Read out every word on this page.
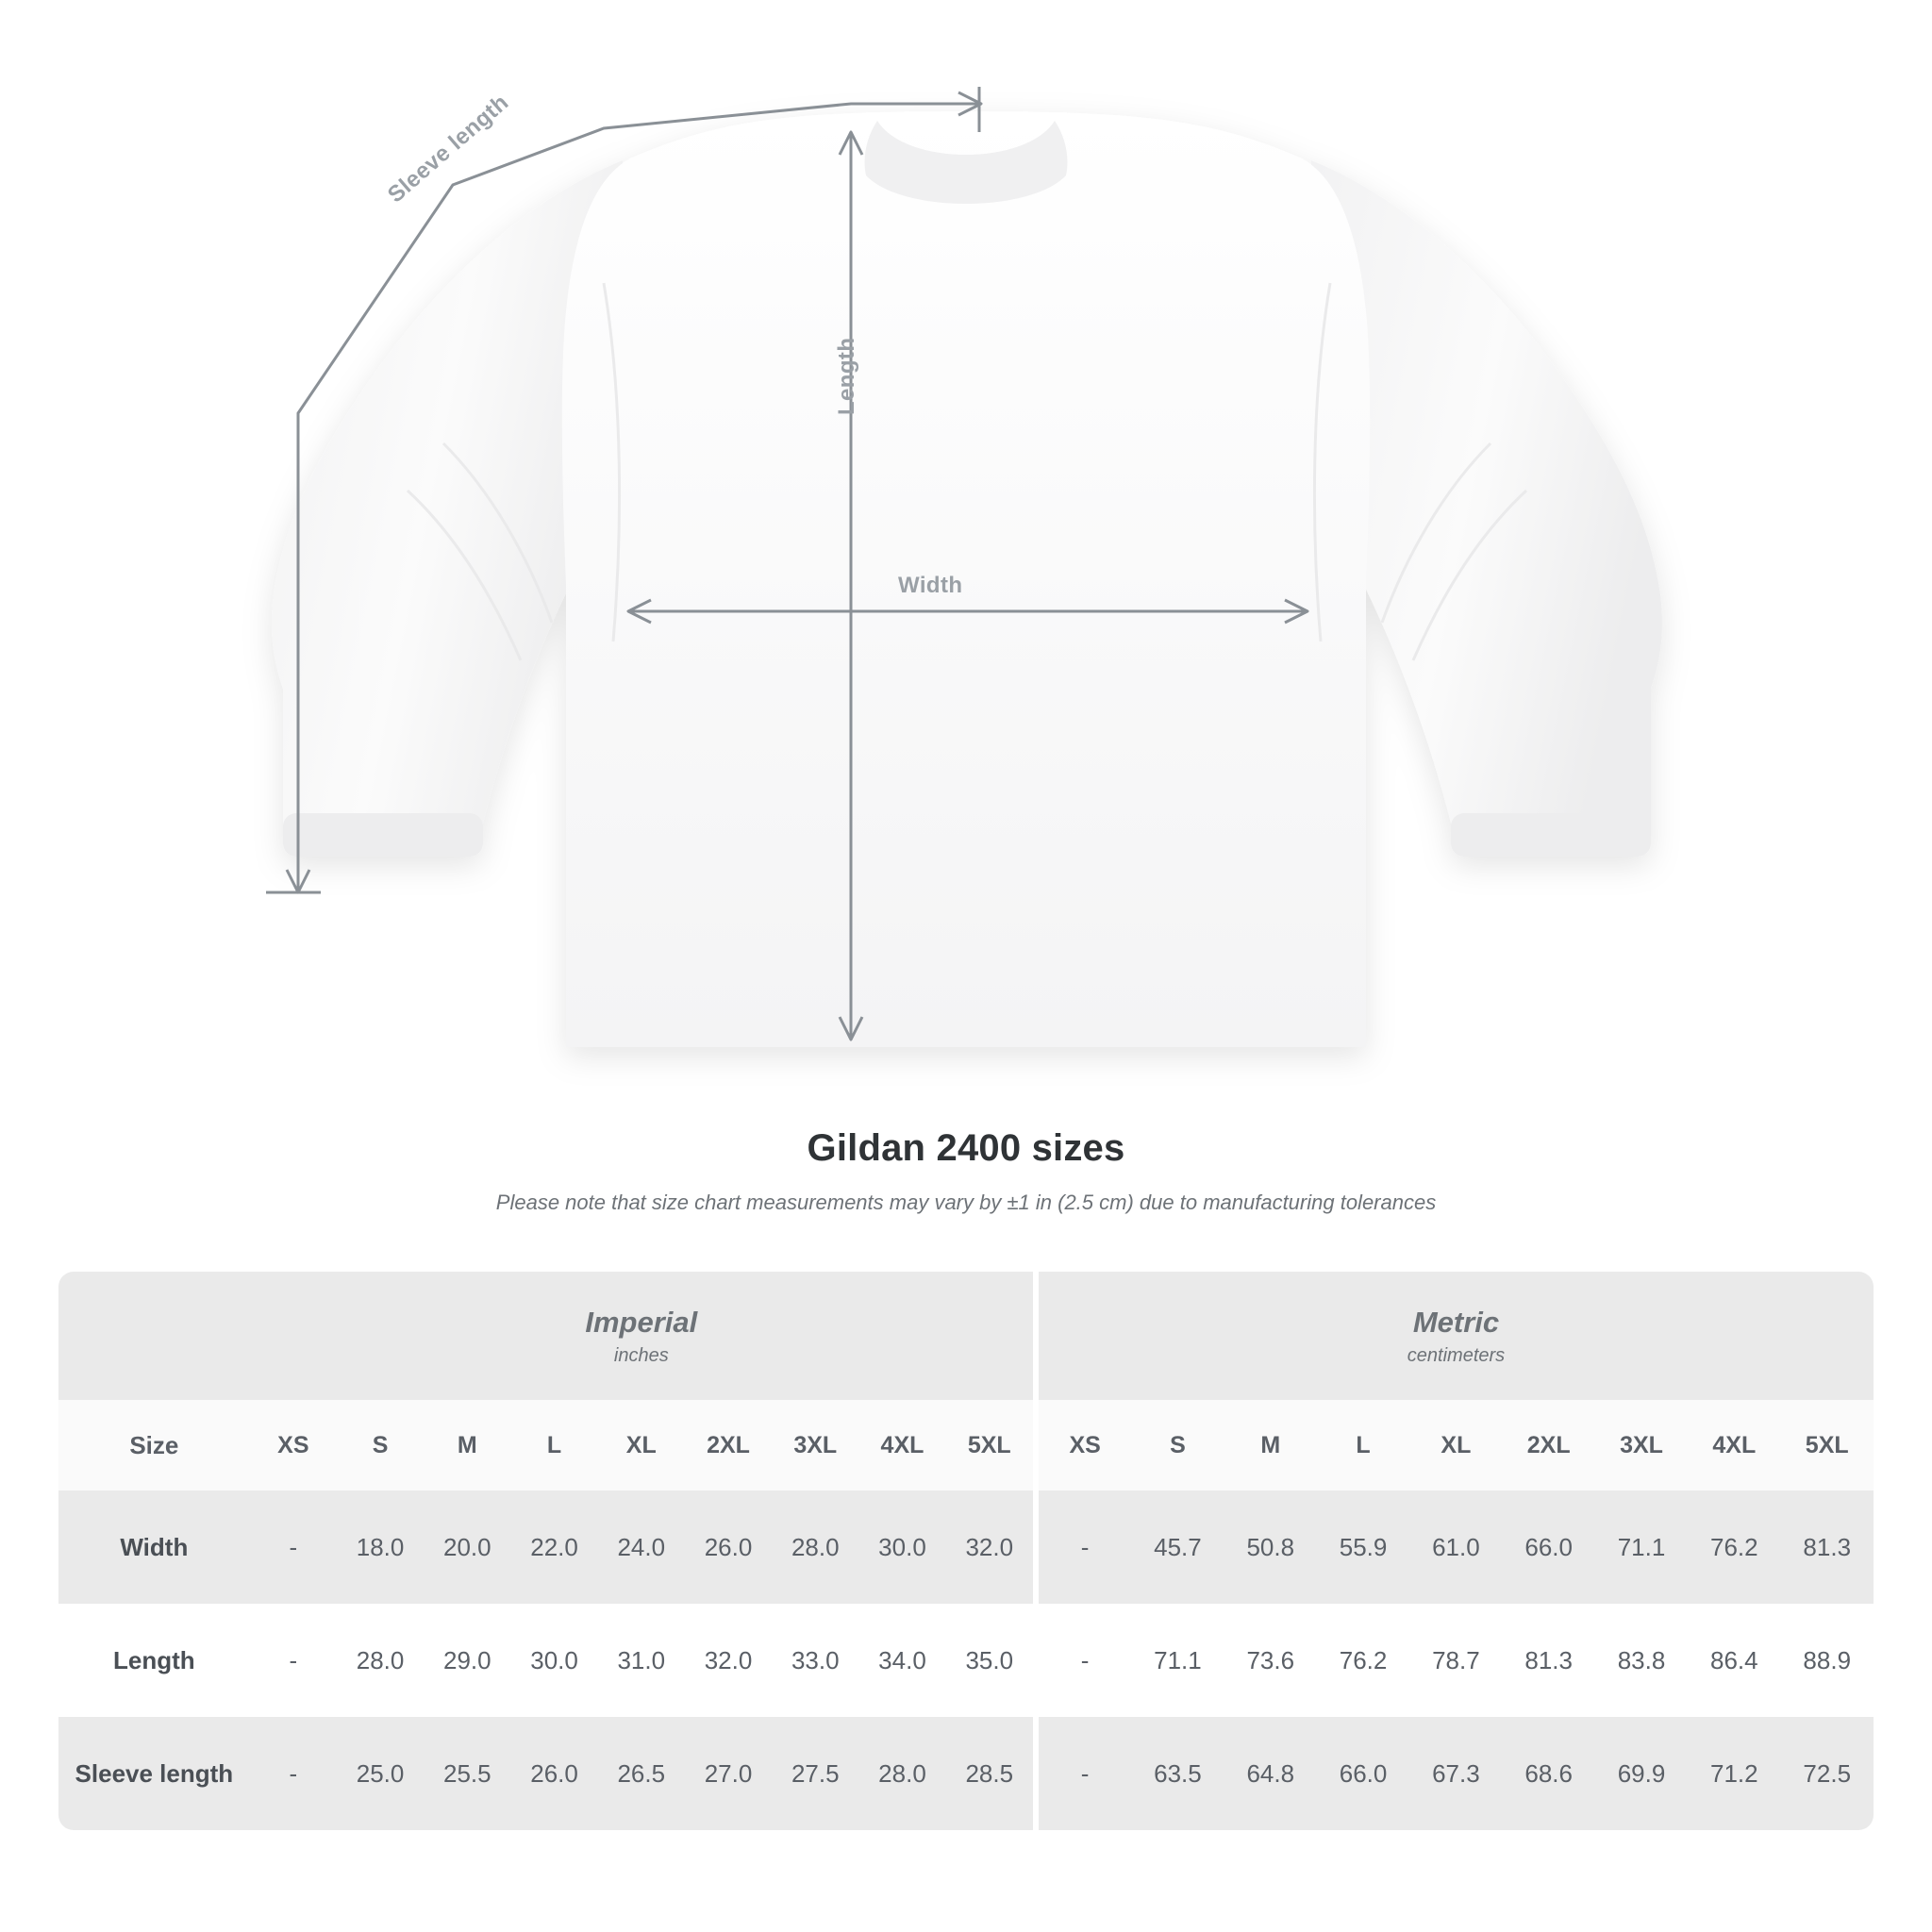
Width
Length
Sleeve length
Gildan 2400 sizes
Please note that size chart measurements may vary by ±1 in (2.5 cm) due to manufacturing tolerances

Imperial
inches

Metric
centimeters

Size	XS	S	M	L	XL	2XL	3XL	4XL	5XL		XS	S	M	L	XL	2XL	3XL	4XL	5XL
Width	-	18.0	20.0	22.0	24.0	26.0	28.0	30.0	32.0		-	45.7	50.8	55.9	61.0	66.0	71.1	76.2	81.3
Length	-	28.0	29.0	30.0	31.0	32.0	33.0	34.0	35.0		-	71.1	73.6	76.2	78.7	81.3	83.8	86.4	88.9
Sleeve length	-	25.0	25.5	26.0	26.5	27.0	27.5	28.0	28.5		-	63.5	64.8	66.0	67.3	68.6	69.9	71.2	72.5
